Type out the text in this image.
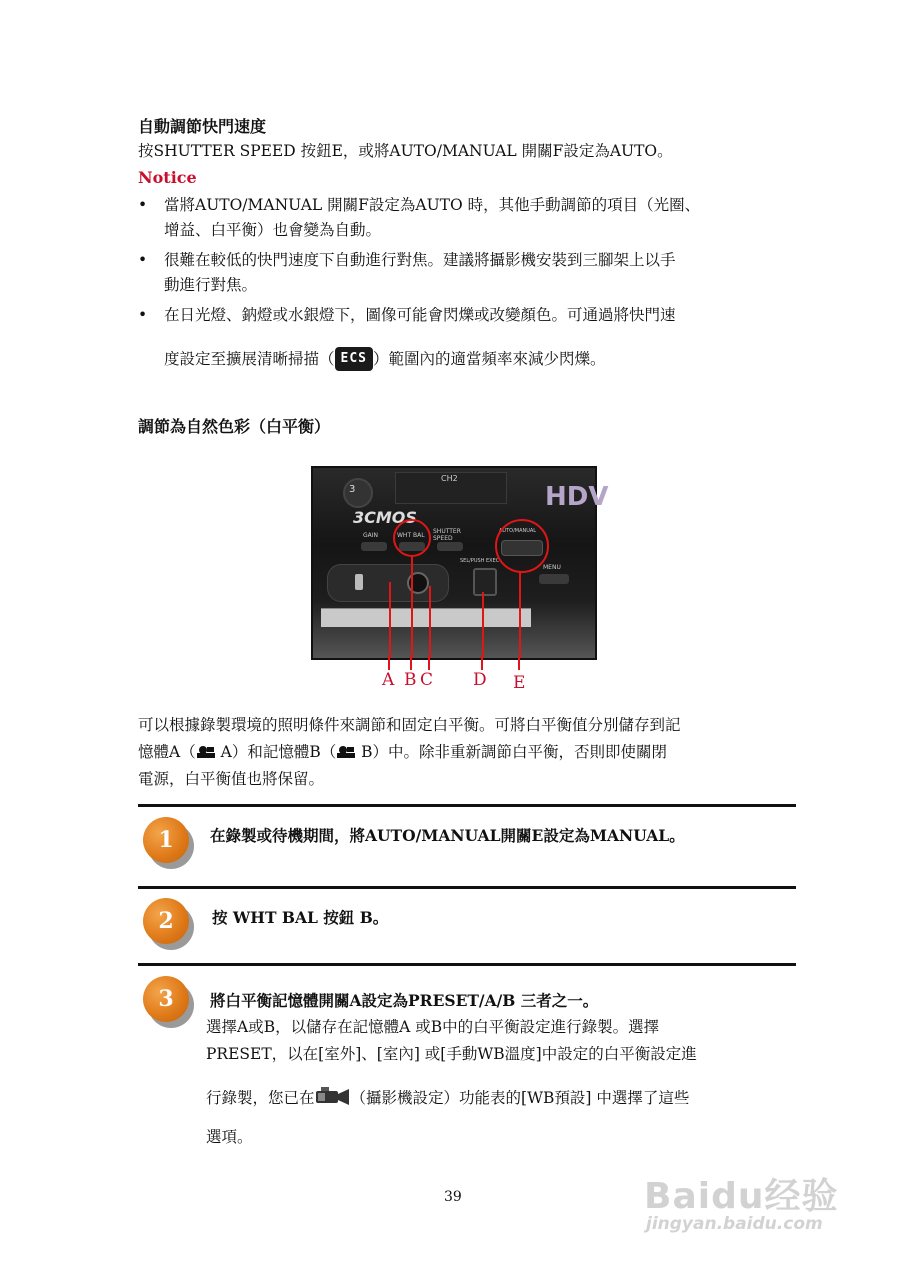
自動調節快門速度
按SHUTTER SPEED 按鈕E，或將AUTO/MANUAL 開關F設定為AUTO。
Notice
• 當將AUTO/MANUAL 開關F設定為AUTO 時，其他手動調節的項目（光圈、
增益、白平衡）也會變為自動。
• 很難在較低的快門速度下自動進行對焦。建議將攝影機安裝到三腳架上以手
動進行對焦。
• 在日光燈、鈉燈或水銀燈下，圖像可能會閃爍或改變顏色。可通過將快門速
度設定至擴展清晰掃描（ ECS ）範圍內的適當頻率來減少閃爍。
調節為自然色彩（白平衡）
3
CH2
HDV
3CMOS
GAIN	WHT BAL
SHUTTER SPEED
AUTO/MANUAL
SEL/PUSH EXEC
MENU
A B C D E
可以根據錄製環境的照明條件來調節和固定白平衡。可將白平衡值分別儲存到記
憶體A（ A）和記憶體B（ B）中。除非重新調節白平衡，否則即使關閉
電源，白平衡值也將保留。
1	在錄製或待機期間，將AUTO/MANUAL開關E設定為MANUAL。
2	按 WHT BAL 按鈕 B。
3	將白平衡記憶體開關A設定為PRESET/A/B 三者之一。
選擇A或B，以儲存在記憶體A 或B中的白平衡設定進行錄製。選擇
PRESET，以在[室外]、[室內] 或[手動WB溫度]中設定的白平衡設定進
行錄製，您已在 （攝影機設定）功能表的[WB預設] 中選擇了這些
選項。
39	Baidu经验
jingyan.baidu.com
